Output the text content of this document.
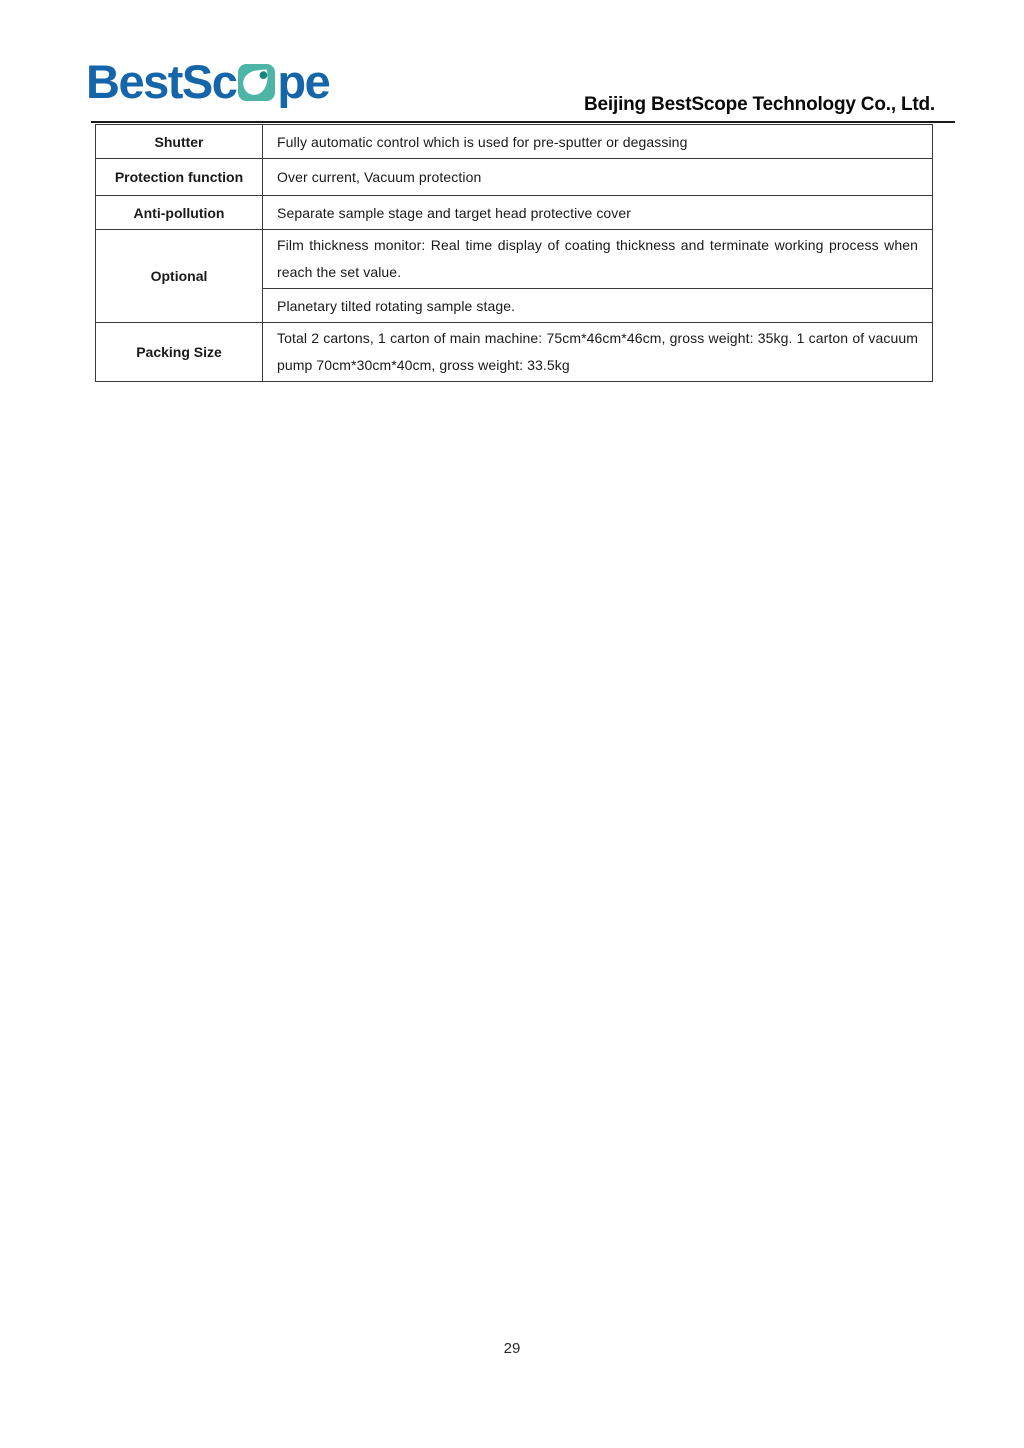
BestSc pe	Beijing BestScope Technology Co., Ltd.
Shutter	Fully automatic control which is used for pre-sputter or degassing
Protection function	Over current, Vacuum protection
Anti-pollution	Separate sample stage and target head protective cover
Optional	Film thickness monitor: Real time display of coating thickness and terminate working process when reach the set value.
	Planetary tilted rotating sample stage.
Packing Size	Total 2 cartons, 1 carton of main machine: 75cm*46cm*46cm, gross weight: 35kg. 1 carton of vacuum pump 70cm*30cm*40cm, gross weight: 33.5kg
29
